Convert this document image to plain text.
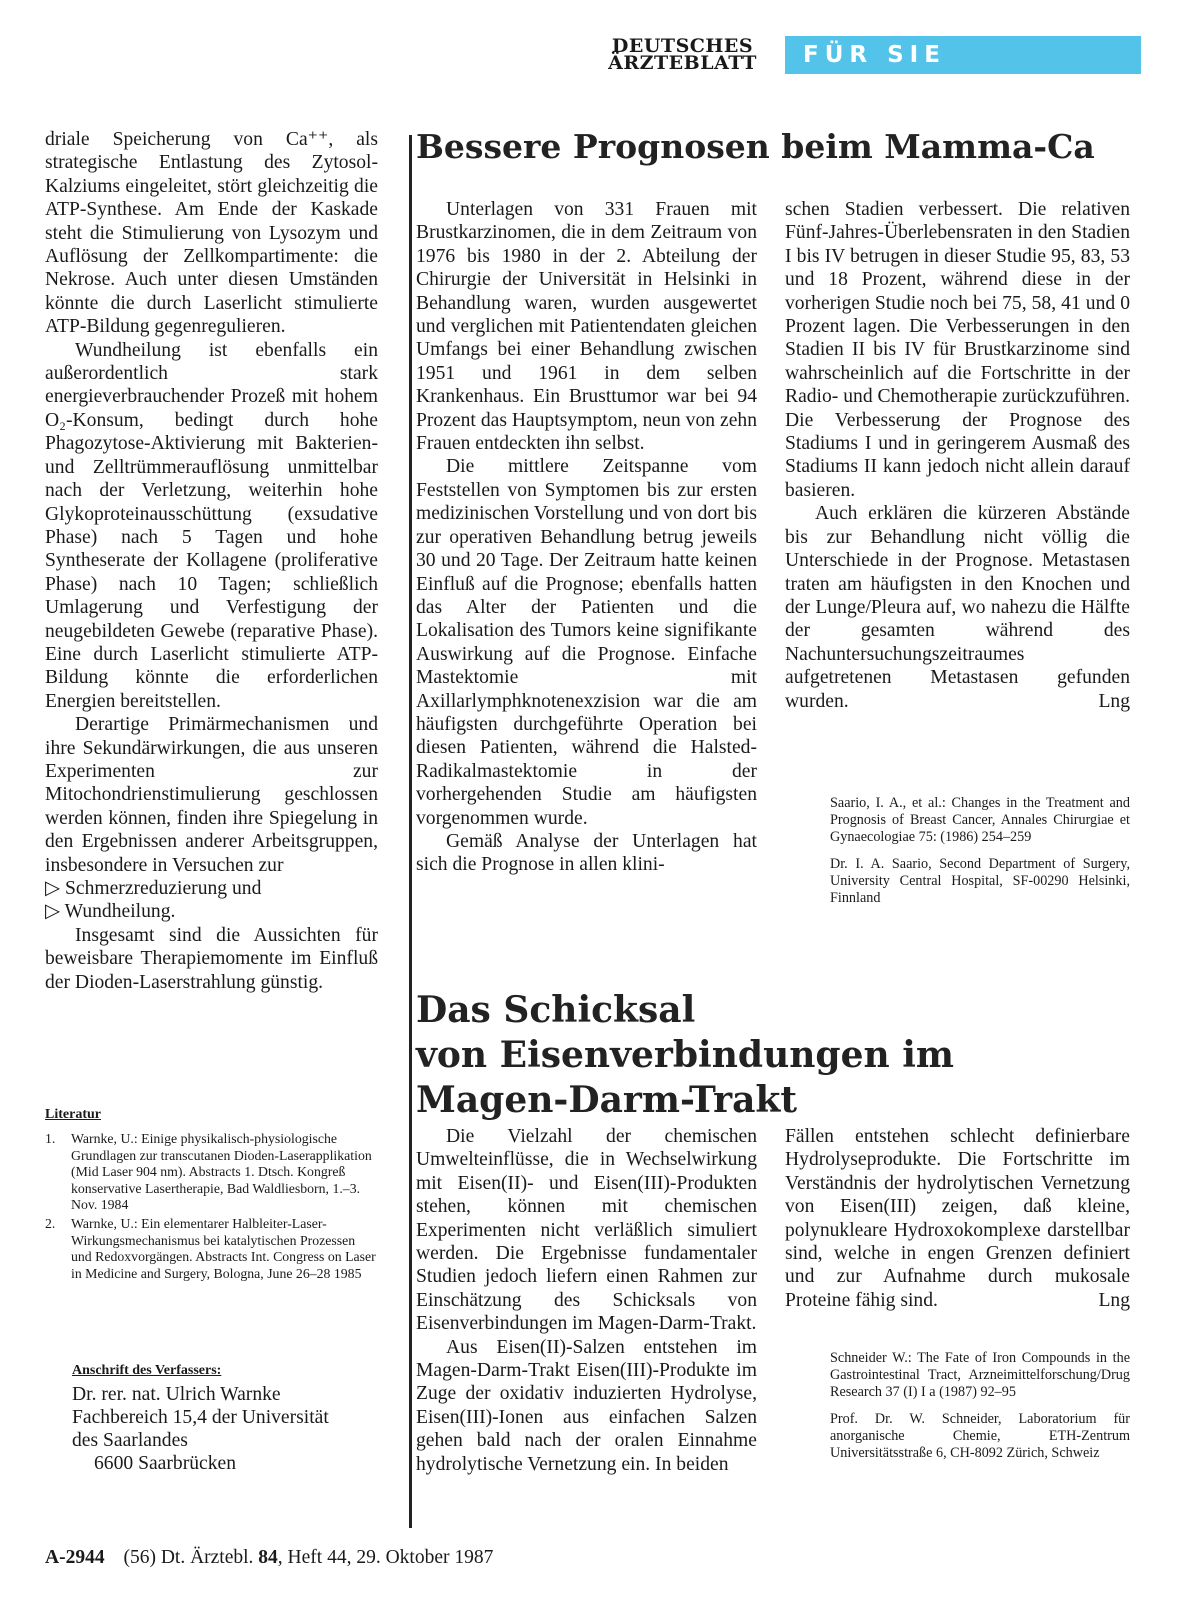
DEUTSCHES
ÄRZTEBLATT	FÜR SIE REFERIERT

driale Speicherung von Ca⁺⁺, als strategische Entlastung des Zytosol-Kalziums eingeleitet, stört gleichzeitig die ATP-Synthese. Am Ende der Kaskade steht die Stimulierung von Lysozym und Auflösung der Zellkompartimente: die Nekrose. Auch unter diesen Umständen könnte die durch Laserlicht stimulierte ATP-Bildung gegenregulieren.

Wundheilung ist ebenfalls ein außerordentlich stark energieverbrauchender Prozeß mit hohem O₂-Konsum, bedingt durch hohe Phagozytose-Aktivierung mit Bakterien- und Zelltrümmerauflösung unmittelbar nach der Verletzung, weiterhin hohe Glykoproteinausschüttung (exsudative Phase) nach 5 Tagen und hohe Syntheserate der Kollagene (proliferative Phase) nach 10 Tagen; schließlich Umlagerung und Verfestigung der neugebildeten Gewebe (reparative Phase). Eine durch Laserlicht stimulierte ATP-Bildung könnte die erforderlichen Energien bereitstellen.

Derartige Primärmechanismen und ihre Sekundärwirkungen, die aus unseren Experimenten zur Mitochondrienstimulierung geschlossen werden können, finden ihre Spiegelung in den Ergebnissen anderer Arbeitsgruppen, insbesondere in Versuchen zur

▷ Schmerzreduzierung und

▷ Wundheilung.

Insgesamt sind die Aussichten für beweisbare Therapiemomente im Einfluß der Dioden-Laserstrahlung günstig.

Literatur
1.	Warnke, U.: Einige physikalisch-physiologische Grundlagen zur transcutanen Dioden-Laserapplikation (Mid Laser 904 nm). Abstracts 1. Dtsch. Kongreß konservative Lasertherapie, Bad Waldliesborn, 1.–3. Nov. 1984
2.	Warnke, U.: Ein elementarer Halbleiter-Laser-Wirkungsmechanismus bei katalytischen Prozessen und Redoxvorgängen. Abstracts Int. Congress on Laser in Medicine and Surgery, Bologna, June 26–28 1985
Anschrift des Verfassers:
Dr. rer. nat. Ulrich Warnke
Fachbereich 15,4 der Universität
des Saarlandes
6600 Saarbrücken
Bessere Prognosen beim Mamma-Ca

Unterlagen von 331 Frauen mit Brustkarzinomen, die in dem Zeitraum von 1976 bis 1980 in der 2. Abteilung der Chirurgie der Universität in Helsinki in Behandlung waren, wurden ausgewertet und verglichen mit Patientendaten gleichen Umfangs bei einer Behandlung zwischen 1951 und 1961 in dem selben Krankenhaus. Ein Brusttumor war bei 94 Prozent das Hauptsymptom, neun von zehn Frauen entdeckten ihn selbst.

Die mittlere Zeitspanne vom Feststellen von Symptomen bis zur ersten medizinischen Vorstellung und von dort bis zur operativen Behandlung betrug jeweils 30 und 20 Tage. Der Zeitraum hatte keinen Einfluß auf die Prognose; ebenfalls hatten das Alter der Patienten und die Lokalisation des Tumors keine signifikante Auswirkung auf die Prognose. Einfache Mastektomie mit Axillarlymphknotenexzision war die am häufigsten durchgeführte Operation bei diesen Patienten, während die Halsted-Radikalmastektomie in der vorhergehenden Studie am häufigsten vorgenommen wurde.

Gemäß Analyse der Unterlagen hat sich die Prognose in allen klini-

schen Stadien verbessert. Die relativen Fünf-Jahres-Überlebensraten in den Stadien I bis IV betrugen in dieser Studie 95, 83, 53 und 18 Prozent, während diese in der vorherigen Studie noch bei 75, 58, 41 und 0 Prozent lagen. Die Verbesserungen in den Stadien II bis IV für Brustkarzinome sind wahrscheinlich auf die Fortschritte in der Radio- und Chemotherapie zurückzuführen. Die Verbesserung der Prognose des Stadiums I und in geringerem Ausmaß des Stadiums II kann jedoch nicht allein darauf basieren.

Auch erklären die kürzeren Abstände bis zur Behandlung nicht völlig die Unterschiede in der Prognose. Metastasen traten am häufigsten in den Knochen und der Lunge/Pleura auf, wo nahezu die Hälfte der gesamten während des Nachuntersuchungszeitraumes aufgetretenen Metastasen gefunden wurden.	Lng

Saario, I. A., et al.: Changes in the Treatment and Prognosis of Breast Cancer, Annales Chirurgiae et Gynaecologiae 75: (1986) 254–259

Dr. I. A. Saario, Second Department of Surgery, University Central Hospital, SF-00290 Helsinki, Finnland

Das Schicksal
von Eisenverbindungen im
Magen-Darm-Trakt

Die Vielzahl der chemischen Umwelteinflüsse, die in Wechselwirkung mit Eisen(II)- und Eisen(III)-Produkten stehen, können mit chemischen Experimenten nicht verläßlich simuliert werden. Die Ergebnisse fundamentaler Studien jedoch liefern einen Rahmen zur Einschätzung des Schicksals von Eisenverbindungen im Magen-Darm-Trakt.

Aus Eisen(II)-Salzen entstehen im Magen-Darm-Trakt Eisen(III)-Produkte im Zuge der oxidativ induzierten Hydrolyse, Eisen(III)-Ionen aus einfachen Salzen gehen bald nach der oralen Einnahme hydrolytische Vernetzung ein. In beiden

Fällen entstehen schlecht definierbare Hydrolyseprodukte. Die Fortschritte im Verständnis der hydrolytischen Vernetzung von Eisen(III) zeigen, daß kleine, polynukleare Hydroxokomplexe darstellbar sind, welche in engen Grenzen definiert und zur Aufnahme durch mukosale Proteine fähig sind.	Lng

Schneider W.: The Fate of Iron Compounds in the Gastrointestinal Tract, Arzneimittelforschung/Drug Research 37 (I) I a (1987) 92–95

Prof. Dr. W. Schneider, Laboratorium für anorganische Chemie, ETH-Zentrum Universitätsstraße 6, CH-8092 Zürich, Schweiz

A-2944 (56) Dt. Ärztebl. 84, Heft 44, 29. Oktober 1987
